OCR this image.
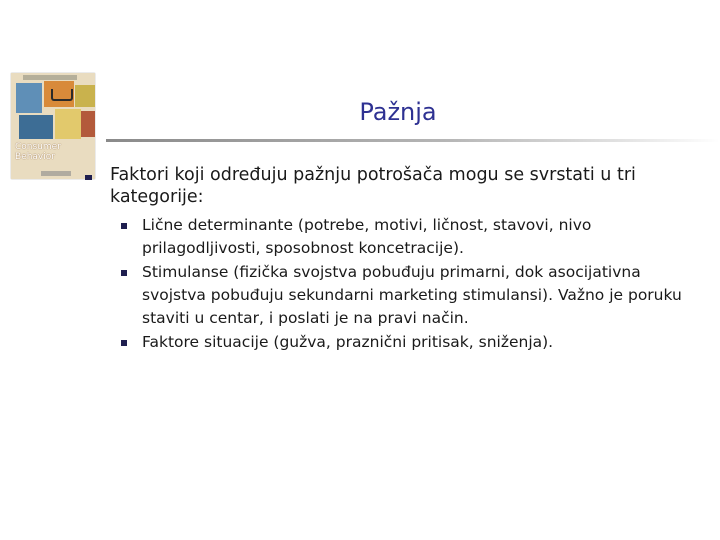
Consumer
Behavior
Pažnja
Faktori koji određuju pažnju potrošača mogu se svrstati u tri kategorije:
Lične determinante (potrebe, motivi, ličnost, stavovi, nivo prilagodljivosti, sposobnost koncetracije).
Stimulanse (fizička svojstva pobuđuju primarni, dok asocijativna svojstva pobuđuju sekundarni marketing stimulansi). Važno je poruku staviti u centar, i poslati je na pravi način.
Faktore situacije (gužva, praznični pritisak, sniženja).
